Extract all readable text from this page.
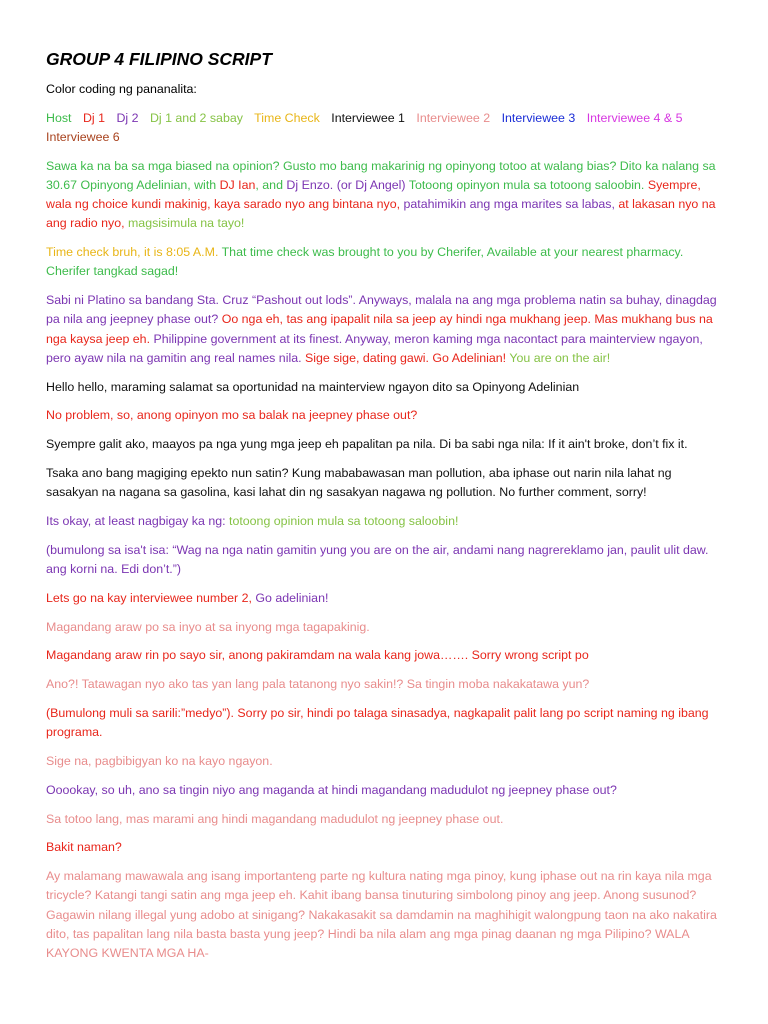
GROUP 4 FILIPINO SCRIPT
Color coding ng pananalita:
Host Dj 1 Dj 2 Dj 1 and 2 sabay Time Check Interviewee 1 Interviewee 2 Interviewee 3 Interviewee 4 & 5 Interviewee 6
Sawa ka na ba sa mga biased na opinion? Gusto mo bang makarinig ng opinyong totoo at walang bias? Dito ka nalang sa 30.67 Opinyong Adelinian, with DJ Ian, and Dj Enzo. (or Dj Angel) Totoong opinyon mula sa totoong saloobin. Syempre, wala ng choice kundi makinig, kaya sarado nyo ang bintana nyo, patahimikin ang mga marites sa labas, at lakasan nyo na ang radio nyo, magsisimula na tayo!
Time check bruh, it is 8:05 A.M. That time check was brought to you by Cherifer, Available at your nearest pharmacy. Cherifer tangkad sagad!
Sabi ni Platino sa bandang Sta. Cruz “Pashout out lods”. Anyways, malala na ang mga problema natin sa buhay, dinagdag pa nila ang jeepney phase out? Oo nga eh, tas ang ipapalit nila sa jeep ay hindi nga mukhang jeep. Mas mukhang bus na nga kaysa jeep eh. Philippine government at its finest. Anyway, meron kaming mga nacontact para mainterview ngayon, pero ayaw nila na gamitin ang real names nila. Sige sige, dating gawi. Go Adelinian! You are on the air!
Hello hello, maraming salamat sa oportunidad na mainterview ngayon dito sa Opinyong Adelinian
No problem, so, anong opinyon mo sa balak na jeepney phase out?
Syempre galit ako, maayos pa nga yung mga jeep eh papalitan pa nila. Di ba sabi nga nila: If it ain't broke, don’t fix it.
Tsaka ano bang magiging epekto nun satin? Kung mababawasan man pollution, aba iphase out narin nila lahat ng sasakyan na nagana sa gasolina, kasi lahat din ng sasakyan nagawa ng pollution. No further comment, sorry!
Its okay, at least nagbigay ka ng: totoong opinion mula sa totoong saloobin!
(bumulong sa isa't isa: “Wag na nga natin gamitin yung you are on the air, andami nang nagrereklamo jan, paulit ulit daw. ang korni na. Edi don’t.”)
Lets go na kay interviewee number 2, Go adelinian!
Magandang araw po sa inyo at sa inyong mga tagapakinig.
Magandang araw rin po sayo sir, anong pakiramdam na wala kang jowa……. Sorry wrong script po
Ano?! Tatawagan nyo ako tas yan lang pala tatanong nyo sakin!? Sa tingin moba nakakatawa yun?
(Bumulong muli sa sarili:”medyo”). Sorry po sir, hindi po talaga sinasadya, nagkapalit palit lang po script naming ng ibang programa.
Sige na, pagbibigyan ko na kayo ngayon.
Ooookay, so uh, ano sa tingin niyo ang maganda at hindi magandang madudulot ng jeepney phase out?
Sa totoo lang, mas marami ang hindi magandang madudulot ng jeepney phase out.
Bakit naman?
Ay malamang mawawala ang isang importanteng parte ng kultura nating mga pinoy, kung iphase out na rin kaya nila mga tricycle? Katangi tangi satin ang mga jeep eh. Kahit ibang bansa tinuturing simbolong pinoy ang jeep. Anong susunod? Gagawin nilang illegal yung adobo at sinigang? Nakakasakit sa damdamin na maghihigit walongpung taon na ako nakatira dito, tas papalitan lang nila basta basta yung jeep? Hindi ba nila alam ang mga pinag daanan ng mga Pilipino? WALA KAYONG KWENTA MGA HA-
